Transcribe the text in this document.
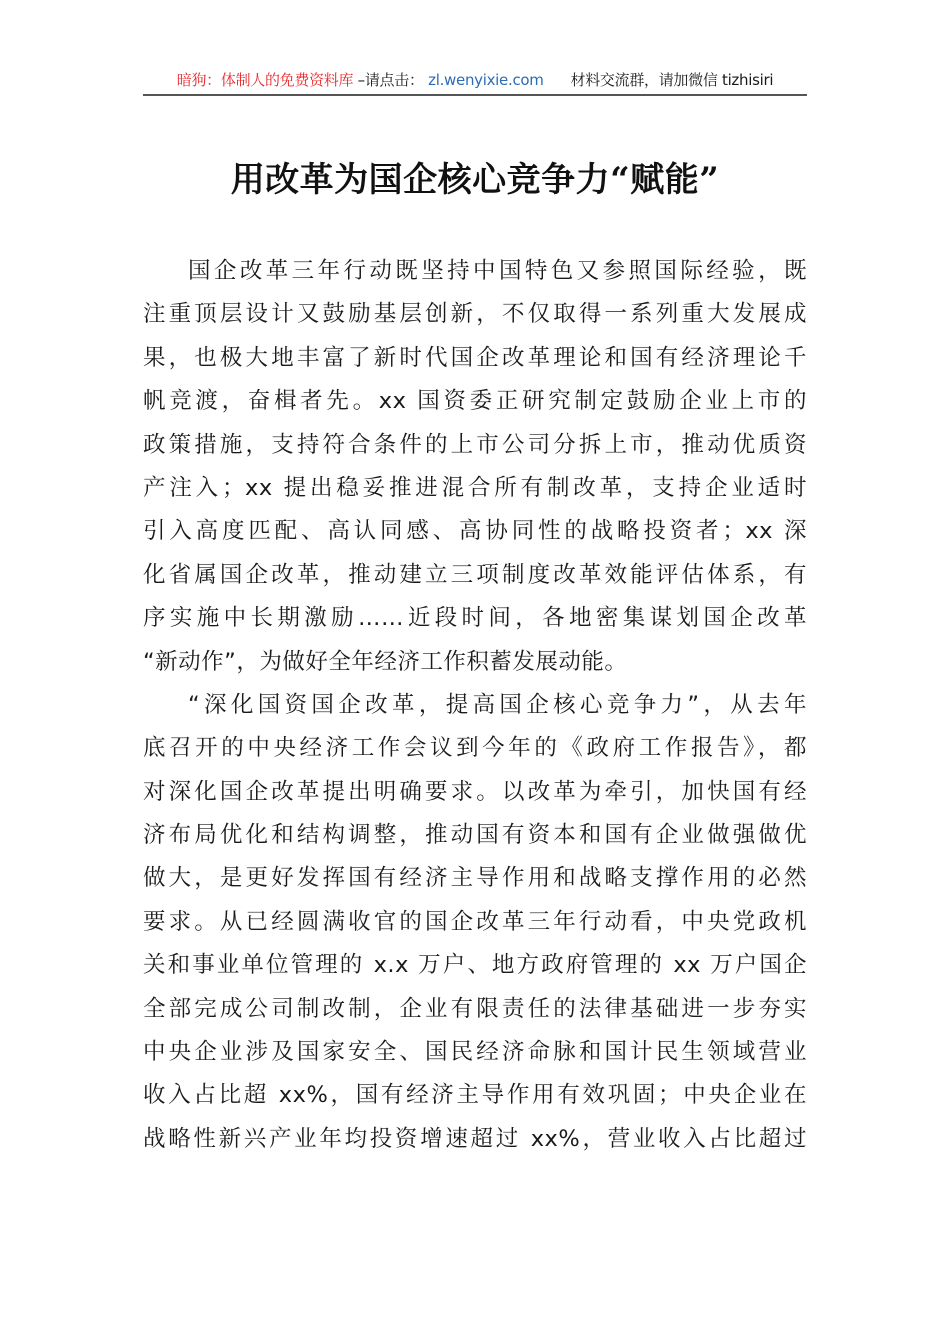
暗狗：体制人的免费资料库 –请点击： zl.wenyixie.com 材料交流群，请加微信 tizhisiri
用改革为国企核心竞争力“赋能”
国企改革三年行动既坚持中国特色又参照国际经验，既
注重顶层设计又鼓励基层创新，不仅取得一系列重大发展成
果，也极大地丰富了新时代国企改革理论和国有经济理论千
帆竞渡，奋楫者先。xx 国资委正研究制定鼓励企业上市的
政策措施，支持符合条件的上市公司分拆上市，推动优质资
产注入；xx 提出稳妥推进混合所有制改革，支持企业适时
引入高度匹配、高认同感、高协同性的战略投资者；xx 深
化省属国企改革，推动建立三项制度改革效能评估体系，有
序实施中长期激励……近段时间，各地密集谋划国企改革
“新动作”，为做好全年经济工作积蓄发展动能。
“深化国资国企改革，提高国企核心竞争力”，从去年
底召开的中央经济工作会议到今年的《政府工作报告》，都
对深化国企改革提出明确要求。以改革为牵引，加快国有经
济布局优化和结构调整，推动国有资本和国有企业做强做优
做大，是更好发挥国有经济主导作用和战略支撑作用的必然
要求。从已经圆满收官的国企改革三年行动看，中央党政机
关和事业单位管理的 x.x 万户、地方政府管理的 xx 万户国企
全部完成公司制改制，企业有限责任的法律基础进一步夯实
中央企业涉及国家安全、国民经济命脉和国计民生领域营业
收入占比超 xx%，国有经济主导作用有效巩固；中央企业在
战略性新兴产业年均投资增速超过 xx%，营业收入占比超过
